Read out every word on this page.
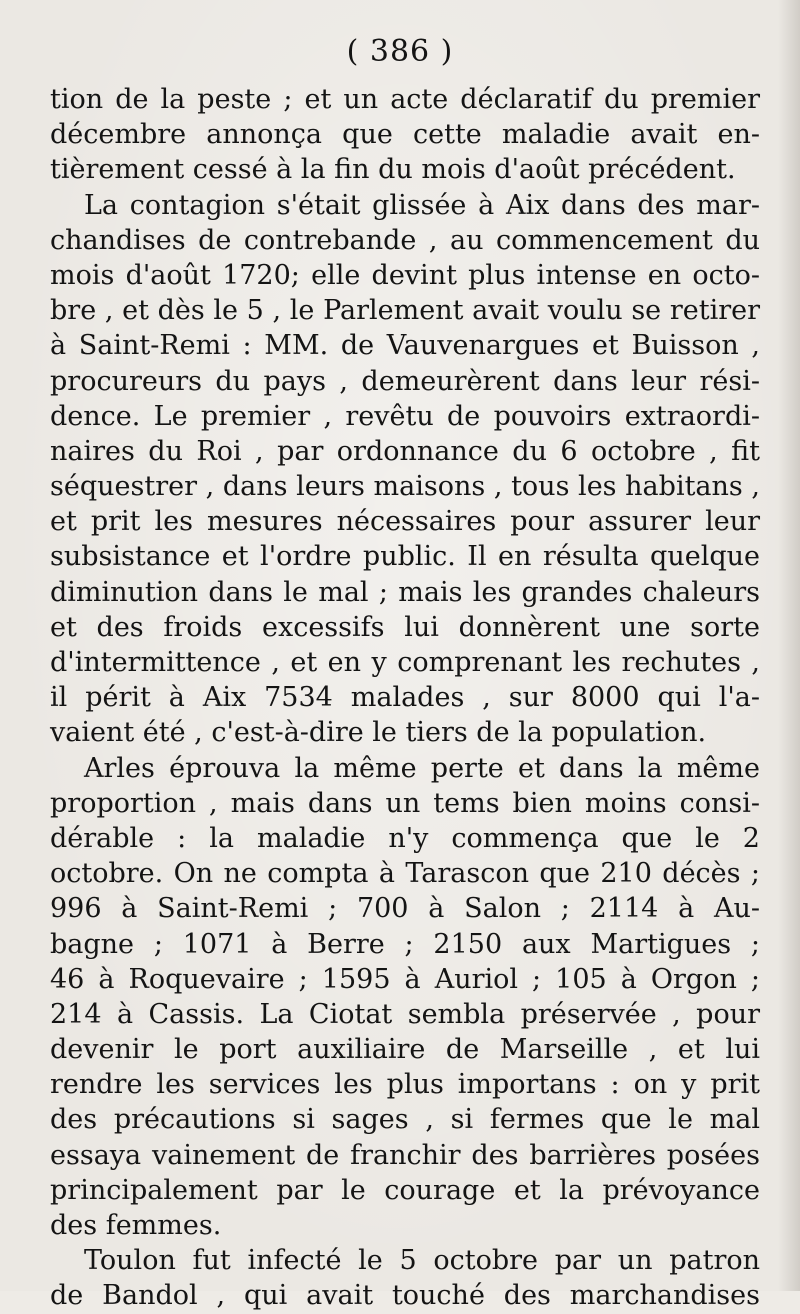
( 386 )
tion de la peste ; et un acte déclaratif du premier
décembre annonça que cette maladie avait en-
tièrement cessé à la fin du mois d'août précédent.
La contagion s'était glissée à Aix dans des mar-
chandises de contrebande , au commencement du
mois d'août 1720; elle devint plus intense en octo-
bre , et dès le 5 , le Parlement avait voulu se retirer
à Saint-Remi : MM. de Vauvenargues et Buisson ,
procureurs du pays , demeurèrent dans leur rési-
dence. Le premier , revêtu de pouvoirs extraordi-
naires du Roi , par ordonnance du 6 octobre , fit
séquestrer , dans leurs maisons , tous les habitans ,
et prit les mesures nécessaires pour assurer leur
subsistance et l'ordre public. Il en résulta quelque
diminution dans le mal ; mais les grandes chaleurs
et des froids excessifs lui donnèrent une sorte
d'intermittence , et en y comprenant les rechutes ,
il périt à Aix 7534 malades , sur 8000 qui l'a-
vaient été , c'est-à-dire le tiers de la population.
Arles éprouva la même perte et dans la même
proportion , mais dans un tems bien moins consi-
dérable : la maladie n'y commença que le 2
octobre. On ne compta à Tarascon que 210 décès ;
996 à Saint-Remi ; 700 à Salon ; 2114 à Au-
bagne ; 1071 à Berre ; 2150 aux Martigues ;
46 à Roquevaire ; 1595 à Auriol ; 105 à Orgon ;
214 à Cassis. La Ciotat sembla préservée , pour
devenir le port auxiliaire de Marseille , et lui
rendre les services les plus importans : on y prit
des précautions si sages , si fermes que le mal
essaya vainement de franchir des barrières posées
principalement par le courage et la prévoyance
des femmes.
Toulon fut infecté le 5 octobre par un patron
de Bandol , qui avait touché des marchandises
